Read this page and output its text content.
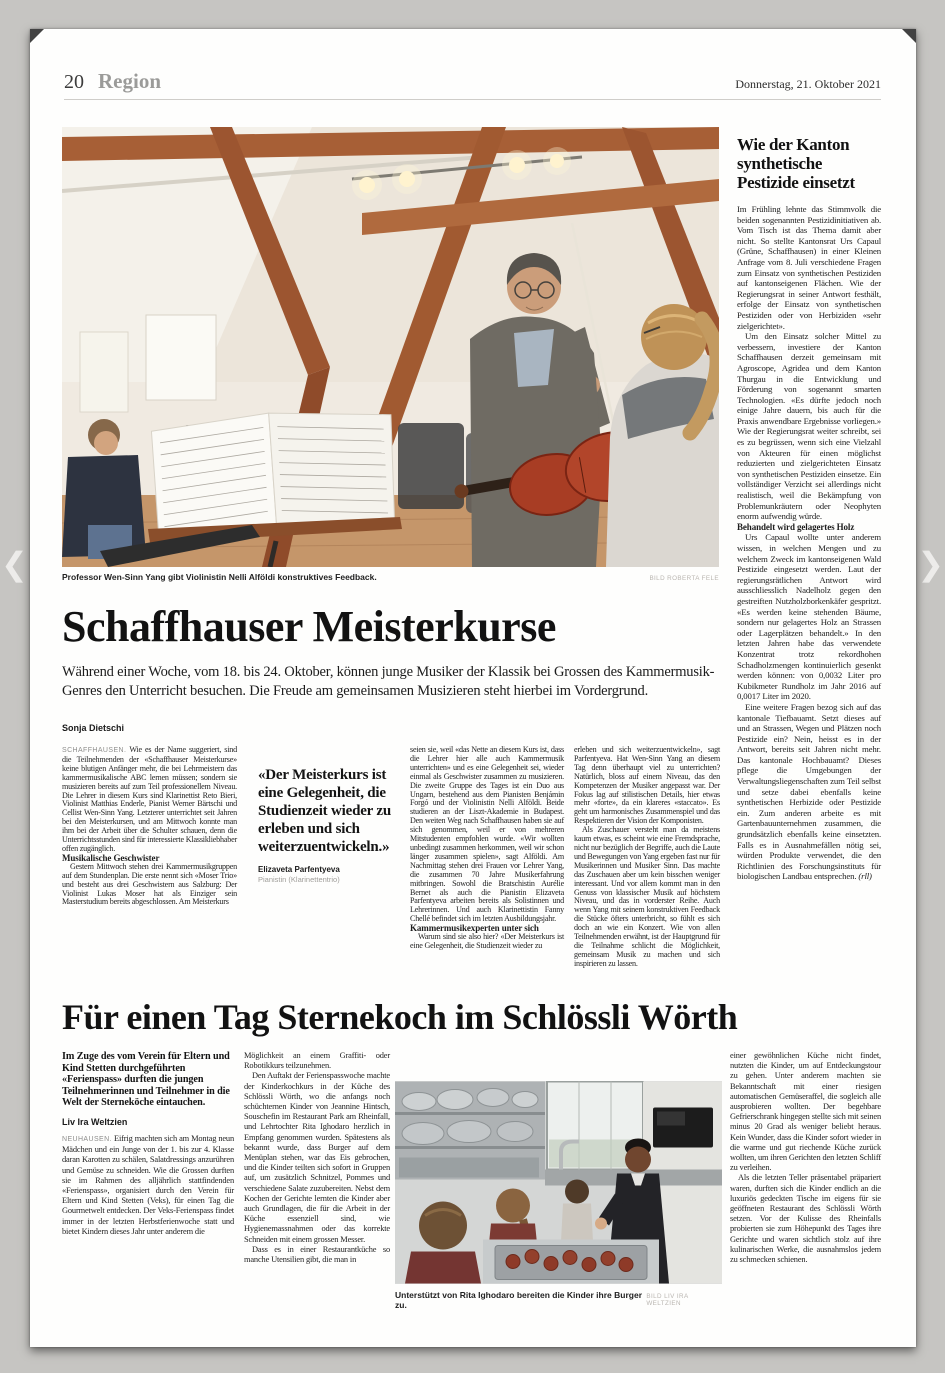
❮	❯
20 Region	Donnerstag, 21. Oktober 2021
Professor Wen-Sinn Yang gibt Violinistin Nelli Alföldi konstruktives Feedback.	BILD ROBERTA FELE
Schaffhauser Meisterkurse
Während einer Woche, vom 18. bis 24. Oktober, können junge Musiker der Klassik bei Grossen des Kammermusik-Genres den Unterricht besuchen. Die Freude am gemeinsamen Musizieren steht hierbei im Vordergrund.
Sonja Dietschi

SCHAFFHAUSEN. Wie es der Name suggeriert, sind die Teilnehmenden der «Schaffhauser Meisterkurse» keine blutigen Anfänger mehr, die bei Lehrmeistern das kammermusikalische ABC lernen müssen; sondern sie musizieren bereits auf zum Teil professionellem Niveau. Die Lehrer in diesem Kurs sind Klarinettist Reto Bieri, Violinist Matthias Enderle, Pianist Werner Bärtschi und Cellist Wen-Sinn Yang. Letzterer unterrichtet seit Jahren bei den Meisterkursen, und am Mittwoch konnte man ihm bei der Arbeit über die Schulter schauen, denn die Unterrichtsstunden sind für interessierte Klassikliebhaber offen zugänglich.

Musikalische Geschwister

Gestern Mittwoch stehen drei Kammermusikgruppen auf dem Stundenplan. Die erste nennt sich «Moser Trio» und besteht aus drei Geschwistern aus Salzburg: Der Violinist Lukas Moser hat als Einziger sein Masterstudium bereits abgeschlossen. Am Meisterkurs

«Der Meisterkurs ist eine Gelegenheit, die Studienzeit wieder zu erleben und sich weiterzuentwickeln.»
Elizaveta Parfentyeva
Pianistin (Klarinettentrio)

seien sie, weil «das Nette an diesem Kurs ist, dass die Lehrer hier alle auch Kammermusik unterrichten» und es eine Gelegenheit sei, wieder einmal als Geschwister zusammen zu musizieren. Die zweite Gruppe des Tages ist ein Duo aus Ungarn, bestehend aus dem Pianisten Benjámin Forgó und der Violinistin Nelli Alföldi. Beide studieren an der Liszt-Akademie in Budapest. Den weiten Weg nach Schaffhausen haben sie auf sich genommen, weil er von mehreren Mitstudenten empfohlen wurde. «Wir wollten unbedingt zusammen herkommen, weil wir schon länger zusammen spielen», sagt Alföldi. Am Nachmittag stehen drei Frauen vor Lehrer Yang, die zusammen 70 Jahre Musikerfahrung mitbringen. Sowohl die Bratschistin Aurélie Bernet als auch die Pianistin Elizaveta Parfentyeva arbeiten bereits als Solistinnen und Lehrerinnen. Und auch Klarinettistin Fanny Chellé befindet sich im letzten Ausbildungsjahr.

Kammermusikexperten unter sich

Warum sind sie also hier? «Der Meisterkurs ist eine Gelegenheit, die Studienzeit wieder zu

erleben und sich weiterzuentwickeln», sagt Parfentyeva. Hat Wen-Sinn Yang an diesem Tag denn überhaupt viel zu unterrichten? Natürlich, bloss auf einem Niveau, das den Kompetenzen der Musiker angepasst war. Der Fokus lag auf stilistischen Details, hier etwas mehr «forte», da ein klareres «staccato». Es geht um harmonisches Zusammenspiel und das Respektieren der Vision der Komponisten.

Als Zuschauer versteht man da meistens kaum etwas, es scheint wie eine Fremdsprache, nicht nur bezüglich der Begriffe, auch die Laute und Bewegungen von Yang ergeben fast nur für Musikerinnen und Musiker Sinn. Das machte das Zuschauen aber um kein bisschen weniger interessant. Und vor allem kommt man in den Genuss von klassischer Musik auf höchstem Niveau, und das in vorderster Reihe. Auch wenn Yang mit seinem konstruktiven Feedback die Stücke öfters unterbricht, so fühlt es sich doch an wie ein Konzert. Wie von allen Teilnehmenden erwähnt, ist der Hauptgrund für die Teilnahme schlicht die Möglichkeit, gemeinsam Musik zu machen und sich inspirieren zu lassen.

Wie der Kanton synthetische Pestizide einsetzt

Im Frühling lehnte das Stimmvolk die beiden sogenannten Pestizidinitiativen ab. Vom Tisch ist das Thema damit aber nicht. So stellte Kantonsrat Urs Capaul (Grüne, Schaffhausen) in einer Kleinen Anfrage vom 8. Juli verschiedene Fragen zum Einsatz von synthetischen Pestiziden auf kantonseigenen Flächen. Wie der Regierungsrat in seiner Antwort festhält, erfolge der Einsatz von synthetischen Pestiziden oder von Herbiziden «sehr zielgerichtet».

Um den Einsatz solcher Mittel zu verbessern, investiere der Kanton Schaffhausen derzeit gemeinsam mit Agroscope, Agridea und dem Kanton Thurgau in die Entwicklung und Förderung von sogenannt smarten Technologien. «Es dürfte jedoch noch einige Jahre dauern, bis auch für die Praxis anwendbare Ergebnisse vorliegen.» Wie der Regierungsrat weiter schreibt, sei es zu begrüssen, wenn sich eine Vielzahl von Akteuren für einen möglichst reduzierten und zielgerichteten Einsatz von synthetischen Pestiziden einsetze. Ein vollständiger Verzicht sei allerdings nicht realistisch, weil die Bekämpfung von Problemunkräutern oder Neophyten enorm aufwendig würde.

Behandelt wird gelagertes Holz

Urs Capaul wollte unter anderem wissen, in welchen Mengen und zu welchem Zweck im kantonseigenen Wald Pestizide eingesetzt werden. Laut der regierungsrätlichen Antwort wird ausschliesslich Nadelholz gegen den gestreiften Nutzholzborkenkäfer gespritzt. «Es werden keine stehenden Bäume, sondern nur gelagertes Holz an Strassen oder Lagerplätzen behandelt.» In den letzten Jahren habe das verwendete Konzentrat trotz rekordhohen Schadholzmengen kontinuierlich gesenkt werden können: von 0,0032 Liter pro Kubikmeter Rundholz im Jahr 2016 auf 0,0017 Liter im 2020.

Eine weitere Fragen bezog sich auf das kantonale Tiefbauamt. Setzt dieses auf und an Strassen, Wegen und Plätzen noch Pestizide ein? Nein, heisst es in der Antwort, bereits seit Jahren nicht mehr. Das kantonale Hochbauamt? Dieses pflege die Umgebungen der Verwaltungsliegenschaften zum Teil selbst und setze dabei ebenfalls keine synthetischen Herbizide oder Pestizide ein. Zum anderen arbeite es mit Gartenbauunternehmen zusammen, die grundsätzlich ebenfalls keine einsetzten. Falls es in Ausnahmefällen nötig sei, würden Produkte verwendet, die den Richtlinien des Forschungsinstituts für biologischen Landbau entsprechen. (rll)

Für einen Tag Sternekoch im Schlössli Wörth
Im Zuge des vom Verein für Eltern und Kind Stetten durchgeführten «Ferienspass» durften die jungen Teilnehmerinnen und Teilnehmer in die Welt der Sterneköche eintauchen.
Liv Ira Weltzien

NEUHAUSEN. Eifrig machten sich am Montag neun Mädchen und ein Junge von der 1. bis zur 4. Klasse daran Karotten zu schälen, Salatdressings anzurühren und Gemüse zu schneiden. Wie die Grossen durften sie im Rahmen des alljährlich stattfindenden «Ferienspass», organisiert durch den Verein für Eltern und Kind Stetten (Veks), für einen Tag die Gourmetwelt entdecken. Der Veks-Ferienspass findet immer in der letzten Herbstferienwoche statt und bietet Kindern dieses Jahr unter anderem die

Möglichkeit an einem Graffiti- oder Robotikkurs teilzunehmen.

Den Auftakt der Ferienspasswoche machte der Kinderkochkurs in der Küche des Schlössli Wörth, wo die anfangs noch schüchternen Kinder von Jeannine Hintsch, Souschefin im Restaurant Park am Rheinfall, und Lehrtochter Rita Ighodaro herzlich in Empfang genommen wurden. Spätestens als bekannt wurde, dass Burger auf dem Menüplan stehen, war das Eis gebrochen, und die Kinder teilten sich sofort in Gruppen auf, um zusätzlich Schnitzel, Pommes und verschiedene Salate zuzubereiten. Nebst dem Kochen der Gerichte lernten die Kinder aber auch Grundlagen, die für die Arbeit in der Küche essenziell sind, wie Hygienemassnahmen oder das korrekte Schneiden mit einem grossen Messer.

Dass es in einer Restaurantküche so manche Utensilien gibt, die man in

Unterstützt von Rita Ighodaro bereiten die Kinder ihre Burger zu.
BILD LIV IRA WELTZIEN

einer gewöhnlichen Küche nicht findet, nutzten die Kinder, um auf Entdeckungstour zu gehen. Unter anderem machten sie Bekanntschaft mit einer riesigen automatischen Gemüseraffel, die sogleich alle ausprobieren wollten. Der begehbare Gefrierschrank hingegen stellte sich mit seinen minus 20 Grad als weniger beliebt heraus. Kein Wunder, dass die Kinder sofort wieder in die warme und gut riechende Küche zurück wollten, um ihren Gerichten den letzten Schliff zu verleihen.

Als die letzten Teller präsentabel präpariert waren, durften sich die Kinder endlich an die luxuriös gedeckten Tische im eigens für sie geöffneten Restaurant des Schlössli Wörth setzen. Vor der Kulisse des Rheinfalls probierten sie zum Höhepunkt des Tages ihre Gerichte und waren sichtlich stolz auf ihre kulinarischen Werke, die ausnahmslos jedem zu schmecken schienen.
